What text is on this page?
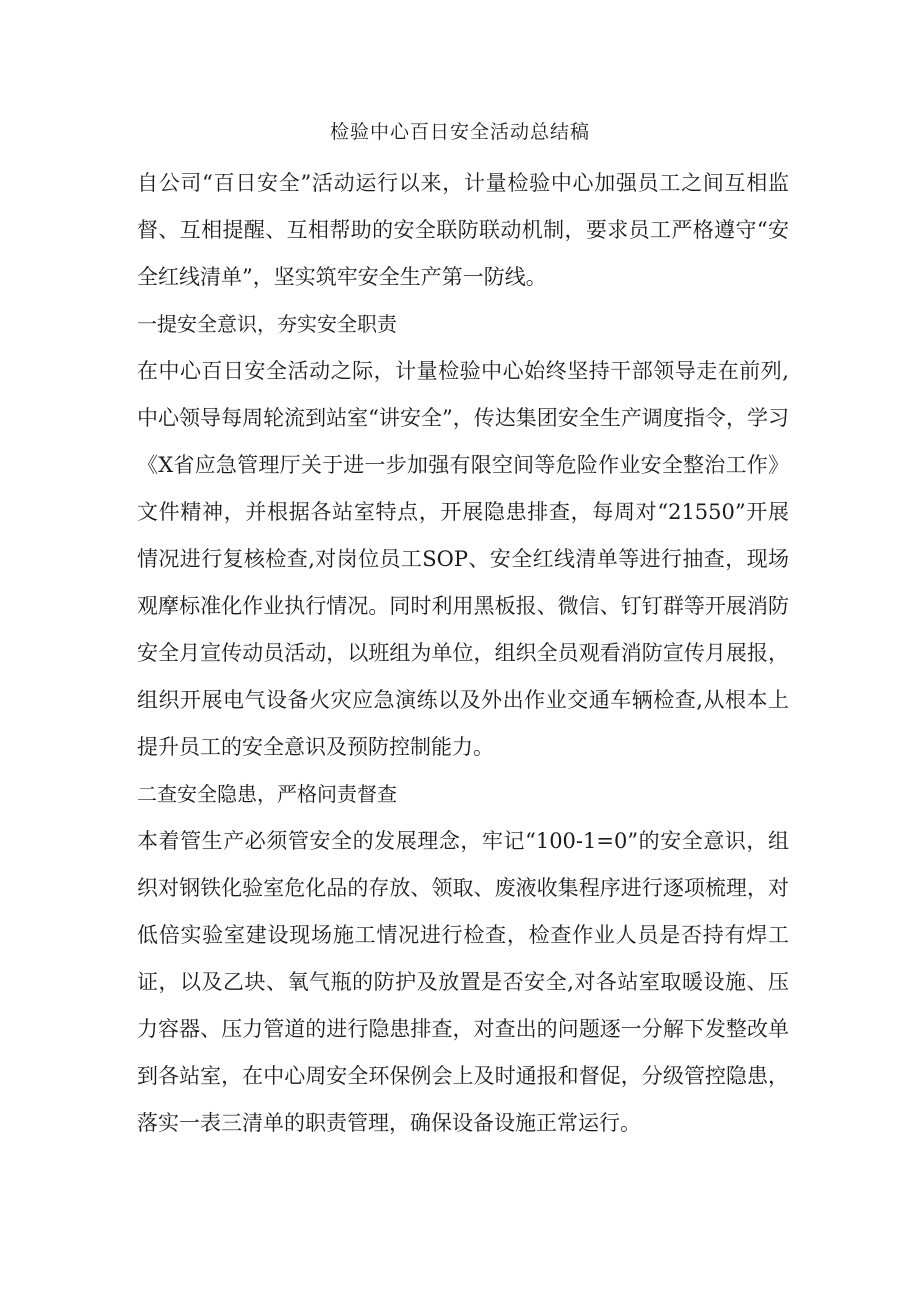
检验中心百日安全活动总结稿

自公司“百日安全”活动运行以来，计量检验中心加强员工之间互相监督、互相提醒、互相帮助的安全联防联动机制，要求员工严格遵守“安全红线清单”，坚实筑牢安全生产第一防线。

一提安全意识，夯实安全职责

在中心百日安全活动之际，计量检验中心始终坚持干部领导走在前列,中心领导每周轮流到站室“讲安全”，传达集团安全生产调度指令，学习《X省应急管理厅关于进一步加强有限空间等危险作业安全整治工作》文件精神，并根据各站室特点，开展隐患排查，每周对“21550”开展情况进行复核检查,对岗位员工SOP、安全红线清单等进行抽查，现场观摩标准化作业执行情况。同时利用黑板报、微信、钉钉群等开展消防安全月宣传动员活动，以班组为单位，组织全员观看消防宣传月展报，组织开展电气设备火灾应急演练以及外出作业交通车辆检查,从根本上提升员工的安全意识及预防控制能力。

二查安全隐患，严格问责督查

本着管生产必须管安全的发展理念，牢记“100-1=0”的安全意识，组织对钢铁化验室危化品的存放、领取、废液收集程序进行逐项梳理，对低倍实验室建设现场施工情况进行检查，检查作业人员是否持有焊工证，以及乙块、氧气瓶的防护及放置是否安全,对各站室取暖设施、压力容器、压力管道的进行隐患排查，对查出的问题逐一分解下发整改单到各站室，在中心周安全环保例会上及时通报和督促，分级管控隐患，落实一表三清单的职责管理，确保设备设施正常运行。
